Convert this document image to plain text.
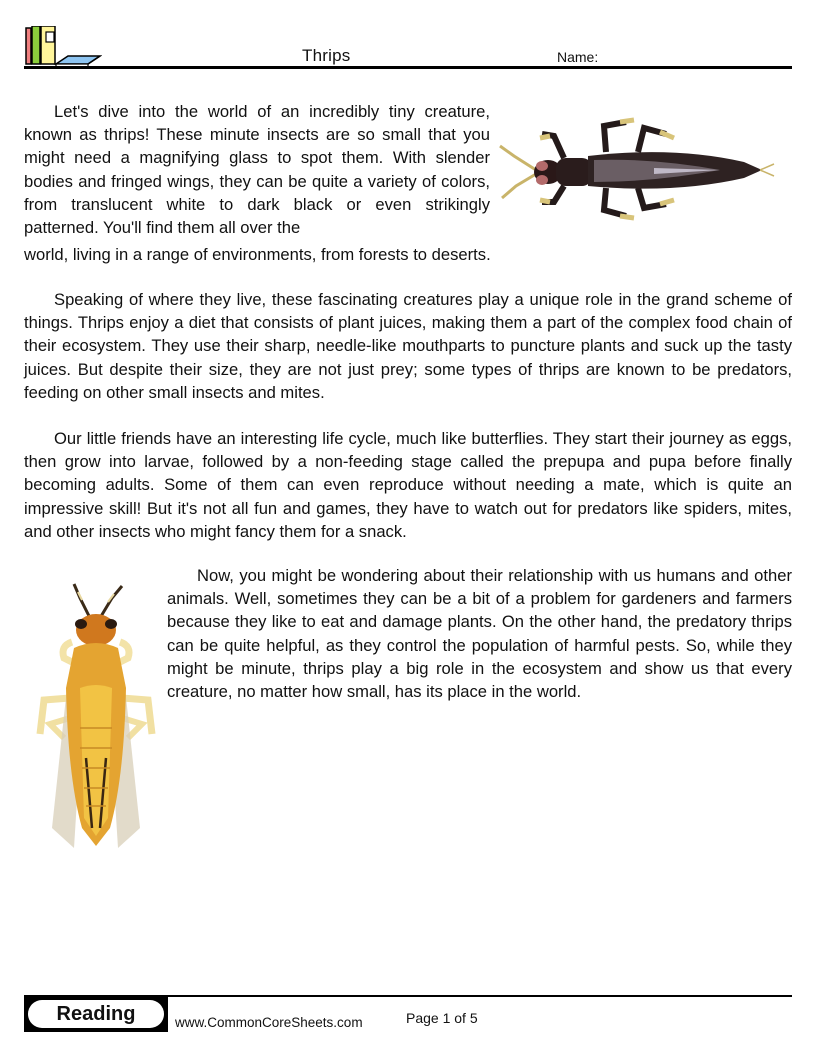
Thrips	Name:

Let's dive into the world of an incredibly tiny creature, known as thrips! These minute insects are so small that you might need a magnifying glass to spot them. With slender bodies and fringed wings, they can be quite a variety of colors, from translucent white to dark black or even strikingly patterned. You'll find them all over the

world, living in a range of environments, from forests to deserts.

Speaking of where they live, these fascinating creatures play a unique role in the grand scheme of things. Thrips enjoy a diet that consists of plant juices, making them a part of the complex food chain of their ecosystem. They use their sharp, needle-like mouthparts to puncture plants and suck up the tasty juices. But despite their size, they are not just prey; some types of thrips are known to be predators, feeding on other small insects and mites.

Our little friends have an interesting life cycle, much like butterflies. They start their journey as eggs, then grow into larvae, followed by a non-feeding stage called the prepupa and pupa before finally becoming adults. Some of them can even reproduce without needing a mate, which is quite an impressive skill! But it's not all fun and games, they have to watch out for predators like spiders, mites, and other insects who might fancy them for a snack.

Now, you might be wondering about their relationship with us humans and other animals. Well, sometimes they can be a bit of a problem for gardeners and farmers because they like to eat and damage plants. On the other hand, the predatory thrips can be quite helpful, as they control the population of harmful pests. So, while they might be minute, thrips play a big role in the ecosystem and show us that every creature, no matter how small, has its place in the world.

Reading	www.CommonCoreSheets.com	Page 1 of 5
